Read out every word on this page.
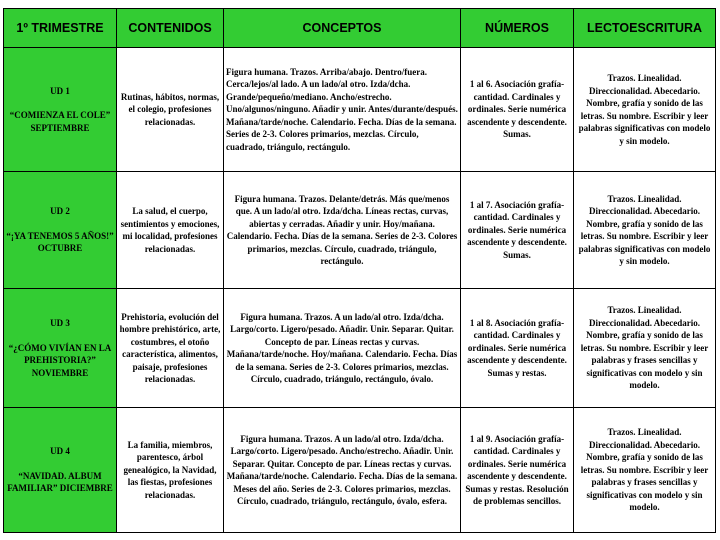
1º TRIMESTRE	CONTENIDOS	CONCEPTOS	NÚMEROS	LECTOESCRITURA

UD 1
“COMIENZA EL COLE” SEPTIEMBRE	Rutinas, hábitos, normas, el colegio, profesiones relacionadas.	Figura humana. Trazos. Arriba/abajo. Dentro/fuera. Cerca/lejos/al lado. A un lado/al otro. Izda/dcha. Grande/pequeño/mediano. Ancho/estrecho. Uno/algunos/ninguno. Añadir y unir. Antes/durante/después. Mañana/tarde/noche. Calendario. Fecha. Días de la semana. Series de 2-3. Colores primarios, mezclas. Círculo, cuadrado, triángulo, rectángulo.	1 al 6. Asociación grafía-cantidad. Cardinales y ordinales. Serie numérica ascendente y descendente. Sumas.	Trazos. Linealidad. Direccionalidad. Abecedario. Nombre, grafía y sonido de las letras. Su nombre. Escribir y leer palabras significativas con modelo y sin modelo.

UD 2
“¡YA TENEMOS 5 AÑOS!” OCTUBRE	La salud, el cuerpo, sentimientos y emociones, mi localidad, profesiones relacionadas.	Figura humana. Trazos. Delante/detrás. Más que/menos que. A un lado/al otro. Izda/dcha. Líneas rectas, curvas, abiertas y cerradas. Añadir y unir. Hoy/mañana. Calendario. Fecha. Días de la semana. Series de 2-3. Colores primarios, mezclas. Círculo, cuadrado, triángulo, rectángulo.	1 al 7. Asociación grafía-cantidad. Cardinales y ordinales. Serie numérica ascendente y descendente. Sumas.	Trazos. Linealidad. Direccionalidad. Abecedario. Nombre, grafía y sonido de las letras. Su nombre. Escribir y leer palabras significativas con modelo y sin modelo.

UD 3
“¿CÓMO VIVÍAN EN LA PREHISTORIA?” NOVIEMBRE	Prehistoria, evolución del hombre prehistórico, arte, costumbres, el otoño característica, alimentos, paisaje, profesiones relacionadas.	Figura humana. Trazos. A un lado/al otro. Izda/dcha. Largo/corto. Ligero/pesado. Añadir. Unir. Separar. Quitar. Concepto de par. Líneas rectas y curvas. Mañana/tarde/noche. Hoy/mañana. Calendario. Fecha. Días de la semana. Series de 2-3. Colores primarios, mezclas. Círculo, cuadrado, triángulo, rectángulo, óvalo.	1 al 8. Asociación grafía-cantidad. Cardinales y ordinales. Serie numérica ascendente y descendente. Sumas y restas.	Trazos. Linealidad. Direccionalidad. Abecedario. Nombre, grafía y sonido de las letras. Su nombre. Escribir y leer palabras y frases sencillas y significativas con modelo y sin modelo.

UD 4
“NAVIDAD. ALBUM FAMILIAR” DICIEMBRE	La familia, miembros, parentesco, árbol genealógico, la Navidad, las fiestas, profesiones relacionadas.	Figura humana. Trazos. A un lado/al otro. Izda/dcha. Largo/corto. Ligero/pesado. Ancho/estrecho. Añadir. Unir. Separar. Quitar. Concepto de par. Líneas rectas y curvas. Mañana/tarde/noche. Calendario. Fecha. Días de la semana. Meses del año. Series de 2-3. Colores primarios, mezclas. Círculo, cuadrado, triángulo, rectángulo, óvalo, esfera.	1 al 9. Asociación grafía-cantidad. Cardinales y ordinales. Serie numérica ascendente y descendente. Sumas y restas. Resolución de problemas sencillos.	Trazos. Linealidad. Direccionalidad. Abecedario. Nombre, grafía y sonido de las letras. Su nombre. Escribir y leer palabras y frases sencillas y significativas con modelo y sin modelo.
